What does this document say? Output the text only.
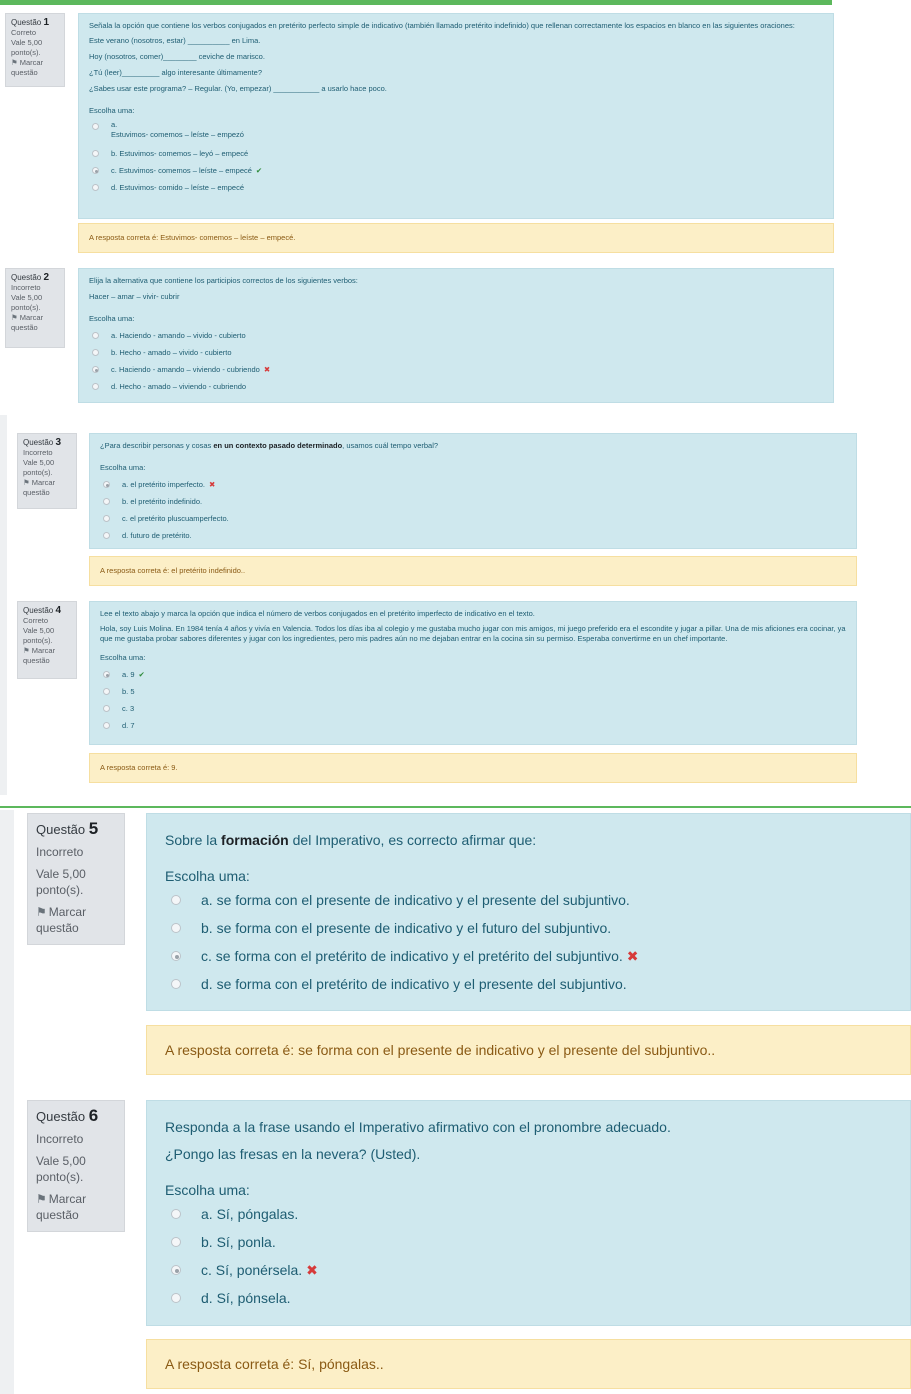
Questão 1
Correto
Vale 5,00 ponto(s).
⚑ Marcar questão

Señala la opción que contiene los verbos conjugados en pretérito perfecto simple de indicativo (también llamado pretérito indefinido) que rellenan correctamente los espacios en blanco en las siguientes oraciones:

Este verano (nosotros, estar) __________ en Lima.

Hoy (nosotros, comer)________ ceviche de marisco.

¿Tú (leer)_________ algo interesante últimamente?

¿Sabes usar este programa? – Regular. (Yo, empezar) ___________ a usarlo hace poco.

Escolha uma:
a.
Estuvimos- comemos – leíste – empezó
b.
Estuvimos- comemos – leyó – empecé
c.
Estuvimos- comemos – leíste – empecé ✔
d.
Estuvimos- comido – leíste – empecé
A resposta correta é: Estuvimos- comemos – leíste – empecé.
Questão 2
Incorreto
Vale 5,00 ponto(s).
⚑ Marcar questão

Elija la alternativa que contiene los participios correctos de los siguientes verbos:

Hacer – amar – vivir- cubrir

Escolha uma:
a.
Haciendo - amando – vivido - cubierto
b.
Hecho - amado – vivido - cubierto
c.
Haciendo - amando – viviendo - cubriendo ✖
d.
Hecho - amado – viviendo - cubriendo
Questão 3
Incorreto
Vale 5,00 ponto(s).
⚑ Marcar questão

¿Para describir personas y cosas en un contexto pasado determinado, usamos cuál tempo verbal?

Escolha uma:
a.
el pretérito imperfecto. ✖
b.
el pretérito indefinido.
c.
el pretérito pluscuamperfecto.
d.
futuro de pretérito.
A resposta correta é: el pretérito indefinido..
Questão 4
Correto
Vale 5,00 ponto(s).
⚑ Marcar questão

Lee el texto abajo y marca la opción que indica el número de verbos conjugados en el pretérito imperfecto de indicativo en el texto.

Hola, soy Luis Molina. En 1984 tenía 4 años y vivía en Valencia. Todos los días iba al colegio y me gustaba mucho jugar con mis amigos, mi juego preferido era el escondite y jugar a pillar. Una de mis aficiones era cocinar, ya que me gustaba probar sabores diferentes y jugar con los ingredientes, pero mis padres aún no me dejaban entrar en la cocina sin su permiso. Esperaba convertirme en un chef importante.

Escolha uma:
a.
9 ✔
b.
5
c.
3
d.
7
A resposta correta é: 9.
Questão 5
Incorreto
Vale 5,00 ponto(s).
⚑ Marcar questão

Sobre la formación del Imperativo, es correcto afirmar que:

Escolha uma:
a.
se forma con el presente de indicativo y el presente del subjuntivo.
b.
se forma con el presente de indicativo y el futuro del subjuntivo.
c.
se forma con el pretérito de indicativo y el pretérito del subjuntivo. ✖
d.
se forma con el pretérito de indicativo y el presente del subjuntivo.
A resposta correta é: se forma con el presente de indicativo y el presente del subjuntivo..
Questão 6
Incorreto
Vale 5,00 ponto(s).
⚑ Marcar questão

Responda a la frase usando el Imperativo afirmativo con el pronombre adecuado.

¿Pongo las fresas en la nevera? (Usted).

Escolha uma:
a.
Sí, póngalas.
b.
Sí, ponla.
c.
Sí, ponérsela. ✖
d.
Sí, pónsela.
A resposta correta é: Sí, póngalas..
